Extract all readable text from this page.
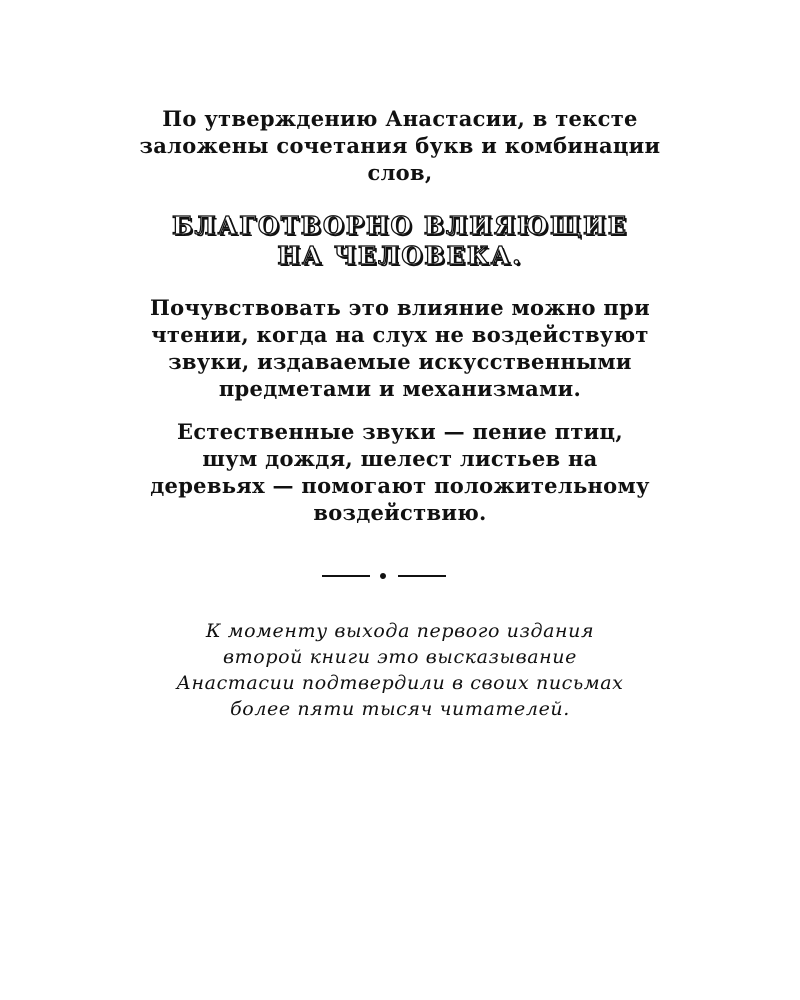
По утверждению Анастасии, в тексте
заложены сочетания букв и комбинации
слов,

БЛАГОТВОРНО ВЛИЯЮЩИЕ
НА ЧЕЛОВЕКА.

Почувствовать это влияние можно при
чтении, когда на слух не воздействуют
звуки, издаваемые искусственными
предметами и механизмами.

Естественные звуки — пение птиц,
шум дождя, шелест листьев на
деревьях — помогают положительному
воздействию.

К моменту выхода первого издания
второй книги это высказывание
Анастасии подтвердили в своих письмах
более пяти тысяч читателей.
